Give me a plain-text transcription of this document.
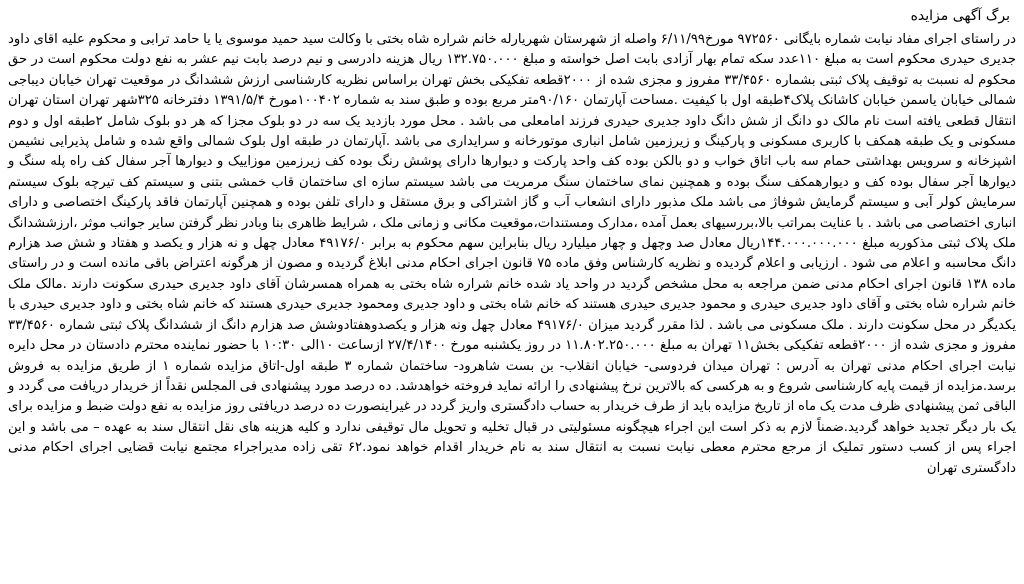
برگ آگهی مزایده

در راستای اجرای مفاد نیابت شماره بایگانی ۹۷۲۵۶۰ مورخ۶/۱۱/۹۹ واصله از شهرستان شهریارله خانم شراره شاه بختی با وکالت سید حمید موسوی یا یا حامد ترابی و محکوم علیه اقای داود جدیری حیدری محکوم است به مبلغ ۱۱۰عدد سکه تمام بهار آزادی بابت اصل خواسته و مبلغ ۱۳۲.۷۵۰.۰۰۰ ریال هزینه دادرسی و نیم درصد بابت نیم عشر به نفع دولت محکوم است در حق محکوم له نسبت به توقیف پلاک ثبتی بشماره ۳۳/۴۵۶۰ مفروز و مجزی شده از ۲۰۰۰قطعه تفکیکی بخش تهران براساس نظریه کارشناسی ارزش ششدانگ در موقعیت تهران خیابان دیباجی شمالی خیابان یاسمن خیابان کاشانک پلاک۴طبقه اول با کیفیت .مساحت آپارتمان ۹۰/۱۶۰متر مربع بوده و طبق سند به شماره ۱۰۰۴۰۲مورخ ۱۳۹۱/۵/۴ دفترخانه ۳۲۵شهر تهران استان تهران انتقال قطعی یافته است نام مالک دو دانگ از شش دانگ داود جدیری حیدری فرزند امامعلی می باشد . محل مورد بازدید یک سه در دو بلوک مجزا که هر دو بلوک شامل ۲طبقه اول و دوم مسکونی و یک طبقه همکف با کاربری مسکونی و پارکینگ و زیرزمین شامل انباری موتورخانه و سرایداری می باشد .آپارتمان در طبقه اول بلوک شمالی واقع شده و شامل پذیرایی نشیمن اشپزخانه و سرویس بهداشتی حمام سه باب اتاق خواب و دو بالکن بوده کف واحد پارکت و دیوارها دارای پوشش رنگ بوده کف زیرزمین موزاییک و دیوارها آجر سفال کف راه پله سنگ و دیوارها آجر سفال بوده کف و دیوارهمکف سنگ بوده و همچنین نمای ساختمان سنگ مرمریت می باشد سیستم سازه ای ساختمان قاب خمشی بتنی و سیستم کف تیرچه بلوک سیستم سرمایش کولر آبی و سیستم گرمایش شوفاژ می باشد ملک مذبور دارای انشعاب آب و گاز اشتراکی و برق مستقل و دارای تلفن بوده و همچنین آپارتمان فاقد پارکینگ اختصاصی و دارای انباری اختصاصی می باشد . با عنایت بمراتب بالا،بررسیهای بعمل آمده ،مدارک ومستندات،موقعیت مکانی و زمانی ملک ، شرایط ظاهری بنا وبادر نظر گرفتن سایر جوانب موثر ،ارزششدانگ ملک پلاک ثبتی مذکوربه مبلغ ۱۴۴.۰۰۰.۰۰۰.۰۰۰ریال معادل صد وچهل و چهار میلیارد ریال بنابراین سهم محکوم به برابر ۴۹۱۷۶/۰ معادل چهل و نه هزار و یکصد و هفتاد و شش صد هزارم دانگ محاسبه و اعلام می شود . ارزیابی و اعلام گردیده و نظریه کارشناس وفق ماده ۷۵ قانون اجرای احکام مدنی ابلاغ گردیده و مصون از هرگونه اعتراض باقی مانده است و در راستای ماده ۱۳۸ قانون اجرای احکام مدنی ضمن مراجعه به محل مشخص گردید در واحد یاد شده خانم شراره شاه بختی به همراه همسرشان آقای داود جدیری حیدری سکونت دارند .مالک ملک خانم شراره شاه بختی و آقای داود جدیری حیدری و محمود جدیری حیدری هستند که خانم شاه بختی و داود جدیری ومحمود جدیری حیدری هستند که خانم شاه بختی و داود جدیری حیدری با یکدیگر در محل سکونت دارند . ملک مسکونی می باشد . لذا مقرر گردید میزان ۴۹۱۷۶/۰ معادل چهل ونه هزار و یکصدوهفتادوشش صد هزارم دانگ از ششدانگ پلاک ثبتی شماره ۳۳/۴۵۶۰ مفروز و مجزی شده از ۲۰۰۰قطعه تفکیکی بخش۱۱ تهران به مبلغ ۱۱.۸۰۲.۲۵۰.۰۰۰ در روز یکشنبه مورخ ۲۷/۴/۱۴۰۰ ازساعت ۱۰الی ۱۰:۳۰ با حضور نماینده محترم دادستان در محل دایره نیابت اجرای احکام مدنی تهران به آدرس : تهران میدان فردوسی- خیابان انقلاب- بن بست شاهرود- ساختمان شماره ۳ طبقه اول-اتاق مزایده شماره ۱ از طریق مزایده به فروش برسد.مزایده از قیمت پایه کارشناسی شروع و به هرکسی که بالاترین نرخ پیشنهادی را ارائه نماید فروخته خواهدشد. ده درصد مورد پیشنهادی فی المجلس نقداً از خریدار دریافت می گردد و الباقی ثمن پیشنهادی ظرف مدت یک ماه از تاریخ مزایده باید از طرف خریدار به حساب دادگستری واریز گردد در غیراینصورت ده درصد دریافتی روز مزایده به نفع دولت ضبط و مزایده برای یک بار دیگر تجدید خواهد گردید.ضمناً لازم به ذکر است این اجراء هیچگونه مسئولیتی در قبال تخلیه و تحویل مال توقیفی ندارد و کلیه هزینه های نقل انتقال سند به عهده – می باشد و این اجراء پس از کسب دستور تملیک از مرجع محترم معطی نیابت نسبت به انتقال سند به نام خریدار اقدام خواهد نمود.۶۲ تقی زاده مدیراجراء مجتمع نیابت قضایی اجرای احکام مدنی دادگستری تهران
